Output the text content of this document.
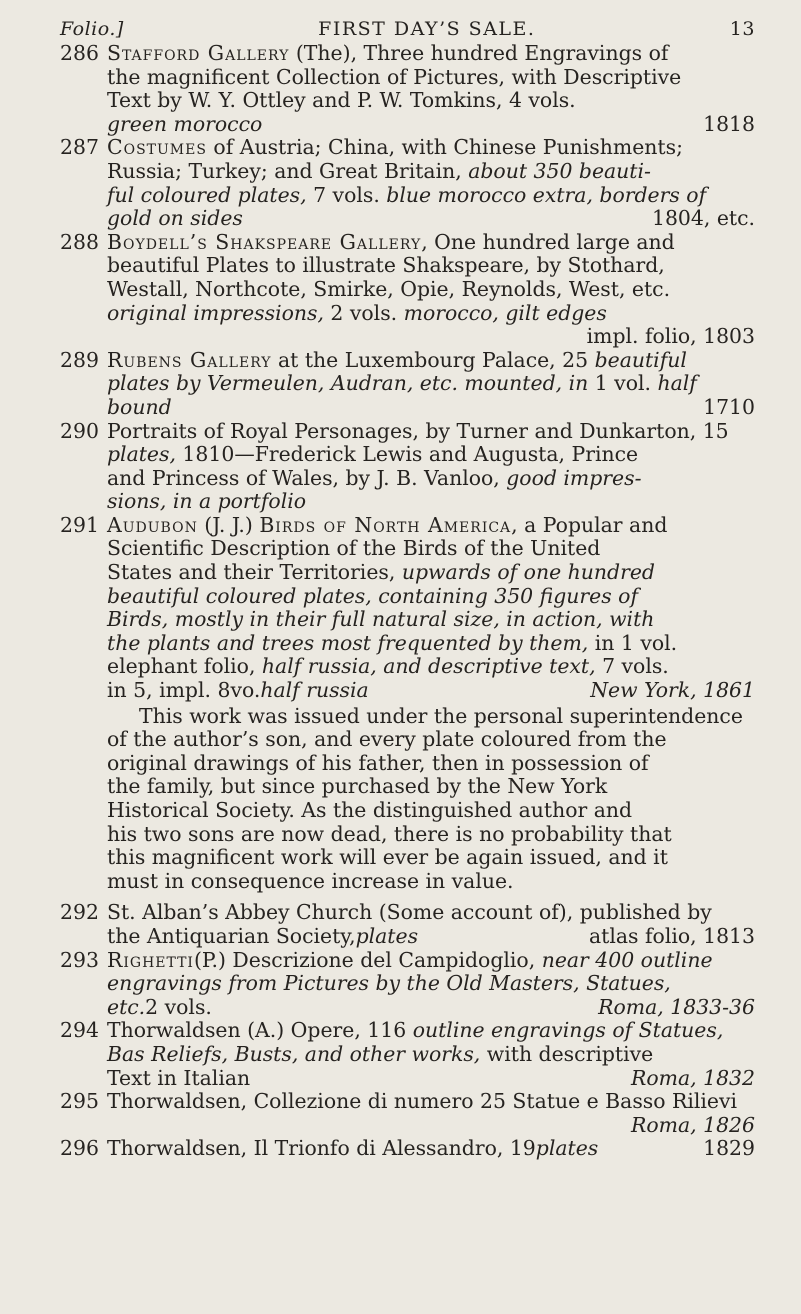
Folio.]	FIRST DAY’S SALE.	13
286 Stafford Gallery (The), Three hundred Engravings of
the magnificent Collection of Pictures, with Descriptive
Text by W. Y. Ottley and P. W. Tomkins, 4 vols.
green morocco	1818
287 Costumes of Austria; China, with Chinese Punishments;
Russia; Turkey; and Great Britain, about 350 beauti-
ful coloured plates, 7 vols. blue morocco extra, borders of
gold on sides	1804, etc.
288 Boydell’s Shakspeare Gallery, One hundred large and
beautiful Plates to illustrate Shakspeare, by Stothard,
Westall, Northcote, Smirke, Opie, Reynolds, West, etc.
original impressions, 2 vols. morocco, gilt edges
impl. folio, 1803
289 Rubens Gallery at the Luxembourg Palace, 25 beautiful
plates by Vermeulen, Audran, etc. mounted, in 1 vol. half
bound	1710
290 Portraits of Royal Personages, by Turner and Dunkarton, 15
plates, 1810—Frederick Lewis and Augusta, Prince
and Princess of Wales, by J. B. Vanloo, good impres-
sions, in a portfolio
291 Audubon (J. J.) Birds of North America, a Popular and
Scientific Description of the Birds of the United
States and their Territories, upwards of one hundred
beautiful coloured plates, containing 350 figures of
Birds, mostly in their full natural size, in action, with
the plants and trees most frequented by them, in 1 vol.
elephant folio, half russia, and descriptive text, 7 vols.
in 5, impl. 8vo. half russia	New York, 1861
This work was issued under the personal superintendence
of the author’s son, and every plate coloured from the
original drawings of his father, then in possession of
the family, but since purchased by the New York
Historical Society. As the distinguished author and
his two sons are now dead, there is no probability that
this magnificent work will ever be again issued, and it
must in consequence increase in value.
292 St. Alban’s Abbey Church (Some account of), published by
the Antiquarian Society, plates	atlas folio, 1813
293 Righetti(P.) Descrizione del Campidoglio, near 400 outline
engravings from Pictures by the Old Masters, Statues,
etc. 2 vols.	Roma, 1833-36
294 Thorwaldsen (A.) Opere, 116 outline engravings of Statues,
Bas Reliefs, Busts, and other works, with descriptive
Text in Italian	Roma, 1832
295 Thorwaldsen, Collezione di numero 25 Statue e Basso Rilievi
Roma, 1826
296 Thorwaldsen, Il Trionfo di Alessandro, 19 plates	1829
